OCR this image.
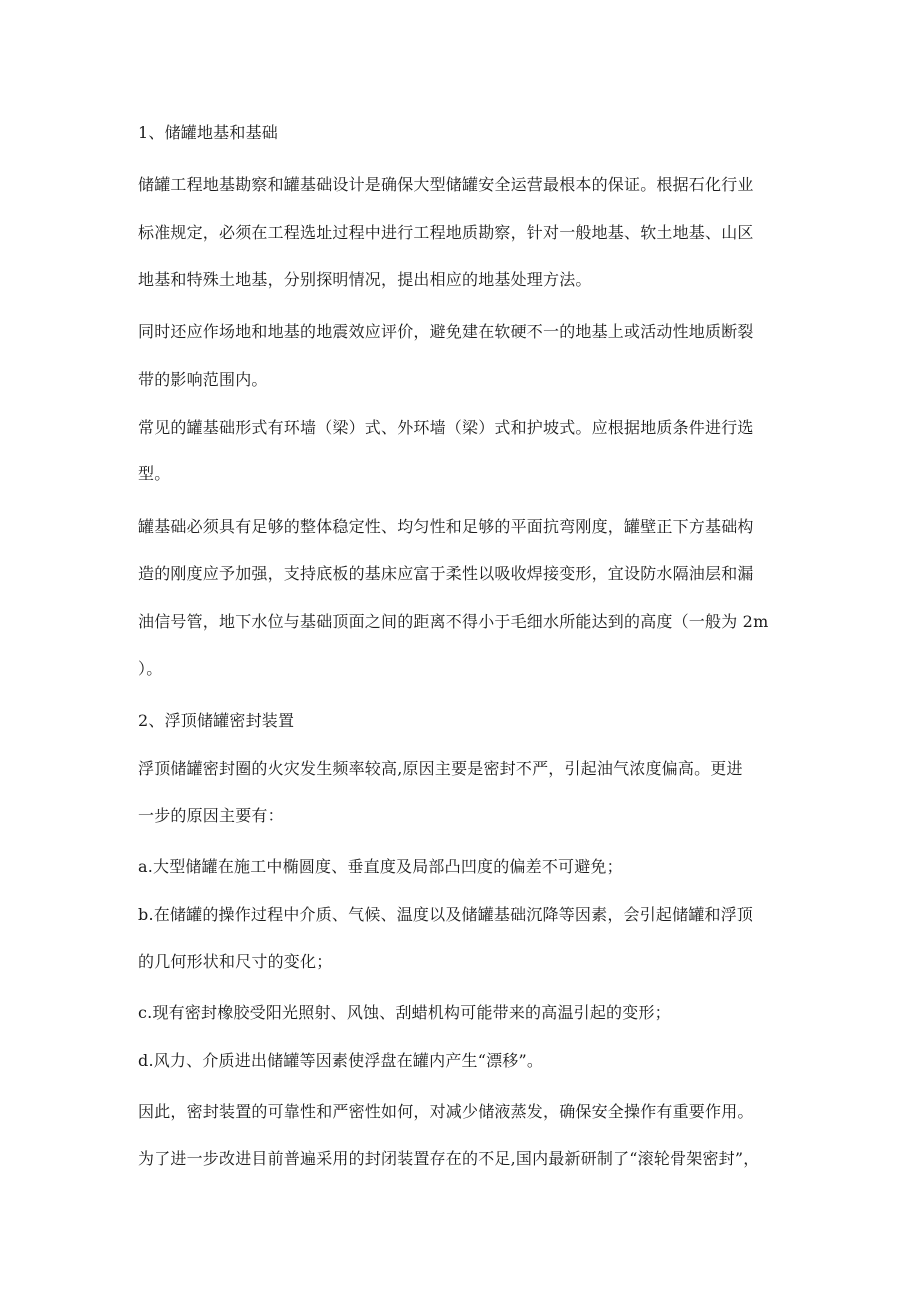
1、储罐地基和基础
储罐工程地基勘察和罐基础设计是确保大型储罐安全运营最根本的保证。根据石化行业
标准规定，必须在工程选址过程中进行工程地质勘察，针对一般地基、软土地基、山区
地基和特殊土地基，分别探明情况，提出相应的地基处理方法。
同时还应作场地和地基的地震效应评价，避免建在软硬不一的地基上或活动性地质断裂
带的影响范围内。
常见的罐基础形式有环墙（梁）式、外环墙（梁）式和护坡式。应根据地质条件进行选
型。
罐基础必须具有足够的整体稳定性、均匀性和足够的平面抗弯刚度，罐壁正下方基础构
造的刚度应予加强，支持底板的基床应富于柔性以吸收焊接变形，宜设防水隔油层和漏
油信号管，地下水位与基础顶面之间的距离不得小于毛细水所能达到的高度（一般为 2m
）。
2、浮顶储罐密封装置
浮顶储罐密封圈的火灾发生频率较高,原因主要是密封不严，引起油气浓度偏高。更进
一步的原因主要有：
a.大型储罐在施工中椭圆度、垂直度及局部凸凹度的偏差不可避免；
b.在储罐的操作过程中介质、气候、温度以及储罐基础沉降等因素，会引起储罐和浮顶
的几何形状和尺寸的变化；
c.现有密封橡胶受阳光照射、风蚀、刮蜡机构可能带来的高温引起的变形；
d.风力、介质进出储罐等因素使浮盘在罐内产生“漂移”。
因此，密封装置的可靠性和严密性如何，对减少储液蒸发，确保安全操作有重要作用。
为了进一步改进目前普遍采用的封闭装置存在的不足,国内最新研制了“滚轮骨架密封”，
